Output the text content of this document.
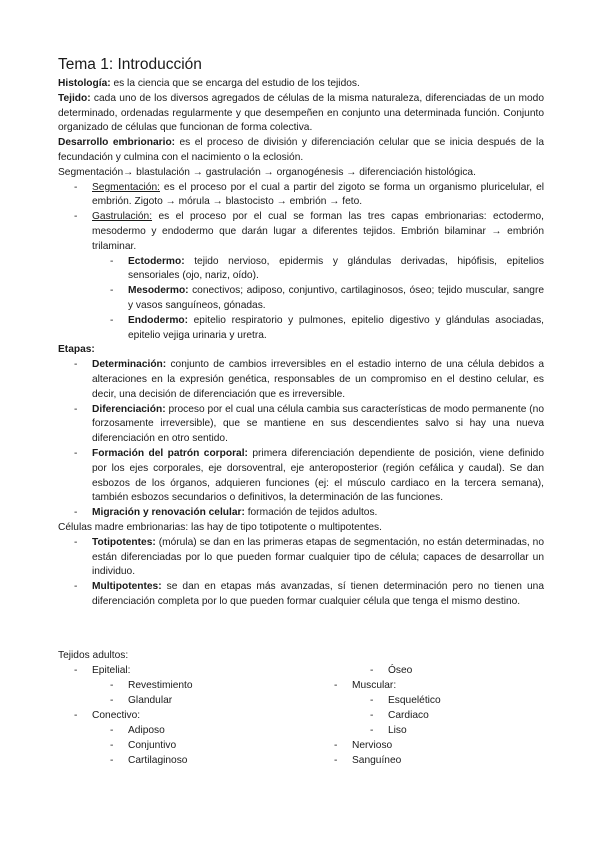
Tema 1: Introducción

Histología: es la ciencia que se encarga del estudio de los tejidos.

Tejido: cada uno de los diversos agregados de células de la misma naturaleza, diferenciadas de un modo determinado, ordenadas regularmente y que desempeñen en conjunto una determinada función. Conjunto organizado de células que funcionan de forma colectiva.

Desarrollo embrionario: es el proceso de división y diferenciación celular que se inicia después de la fecundación y culmina con el nacimiento o la eclosión.

Segmentación→ blastulación → gastrulación → organogénesis → diferenciación histológica.

- Segmentación: es el proceso por el cual a partir del zigoto se forma un organismo pluricelular, el embrión. Zigoto → mórula → blastocisto → embrión → feto.
- Gastrulación: es el proceso por el cual se forman las tres capas embrionarias: ectodermo, mesodermo y endodermo que darán lugar a diferentes tejidos. Embrión bilaminar → embrión trilaminar.
- Ectodermo: tejido nervioso, epidermis y glándulas derivadas, hipófisis, epitelios sensoriales (ojo, nariz, oído).
- Mesodermo: conectivos; adiposo, conjuntivo, cartilaginosos, óseo; tejido muscular, sangre y vasos sanguíneos, gónadas.
- Endodermo: epitelio respiratorio y pulmones, epitelio digestivo y glándulas asociadas, epitelio vejiga urinaria y uretra.

Etapas:

- Determinación: conjunto de cambios irreversibles en el estadio interno de una célula debidos a alteraciones en la expresión genética, responsables de un compromiso en el destino celular, es decir, una decisión de diferenciación que es irreversible.
- Diferenciación: proceso por el cual una célula cambia sus características de modo permanente (no forzosamente irreversible), que se mantiene en sus descendientes salvo si hay una nueva diferenciación en otro sentido.
- Formación del patrón corporal: primera diferenciación dependiente de posición, viene definido por los ejes corporales, eje dorsoventral, eje anteroposterior (región cefálica y caudal). Se dan esbozos de los órganos, adquieren funciones (ej: el músculo cardiaco en la tercera semana), también esbozos secundarios o definitivos, la determinación de las funciones.
- Migración y renovación celular: formación de tejidos adultos.

Células madre embrionarias: las hay de tipo totipotente o multipotentes.

- Totipotentes: (mórula) se dan en las primeras etapas de segmentación, no están determinadas, no están diferenciadas por lo que pueden formar cualquier tipo de célula; capaces de desarrollar un individuo.
- Multipotentes: se dan en etapas más avanzadas, sí tienen determinación pero no tienen una diferenciación completa por lo que pueden formar cualquier célula que tenga el mismo destino.
Tejidos adultos:
- Epitelial:
- Revestimiento
- Glandular
- Conectivo:
- Adiposo
- Conjuntivo
- Cartilaginoso
- Óseo
- Muscular:
- Esquelético
- Cardiaco
- Liso
- Nervioso
- Sanguíneo
